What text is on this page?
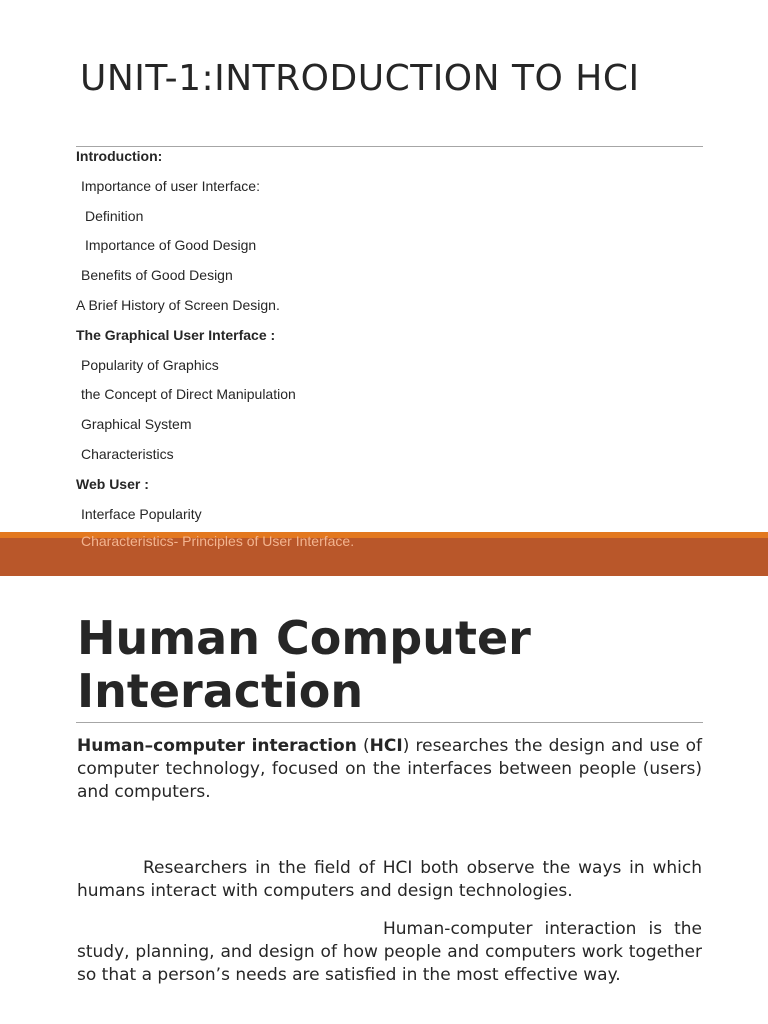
UNIT-1:INTRODUCTION TO HCI
Introduction:
Importance of user Interface:
Definition
Importance of Good Design
Benefits of Good Design
A Brief History of Screen Design.
The Graphical User Interface :
Popularity of Graphics
the Concept of Direct Manipulation
Graphical System
Characteristics
Web User :
Interface Popularity

Characteristics- Principles of User Interface.

Human Computer Interaction

Human–computer interaction (HCI) researches the design and use of computer technology, focused on the interfaces between people (users) and computers.

Researchers in the field of HCI both observe the ways in which humans interact with computers and design technologies.

Human-computer interaction is the study, planning, and design of how people and computers work together so that a person’s needs are satisfied in the most effective way.
